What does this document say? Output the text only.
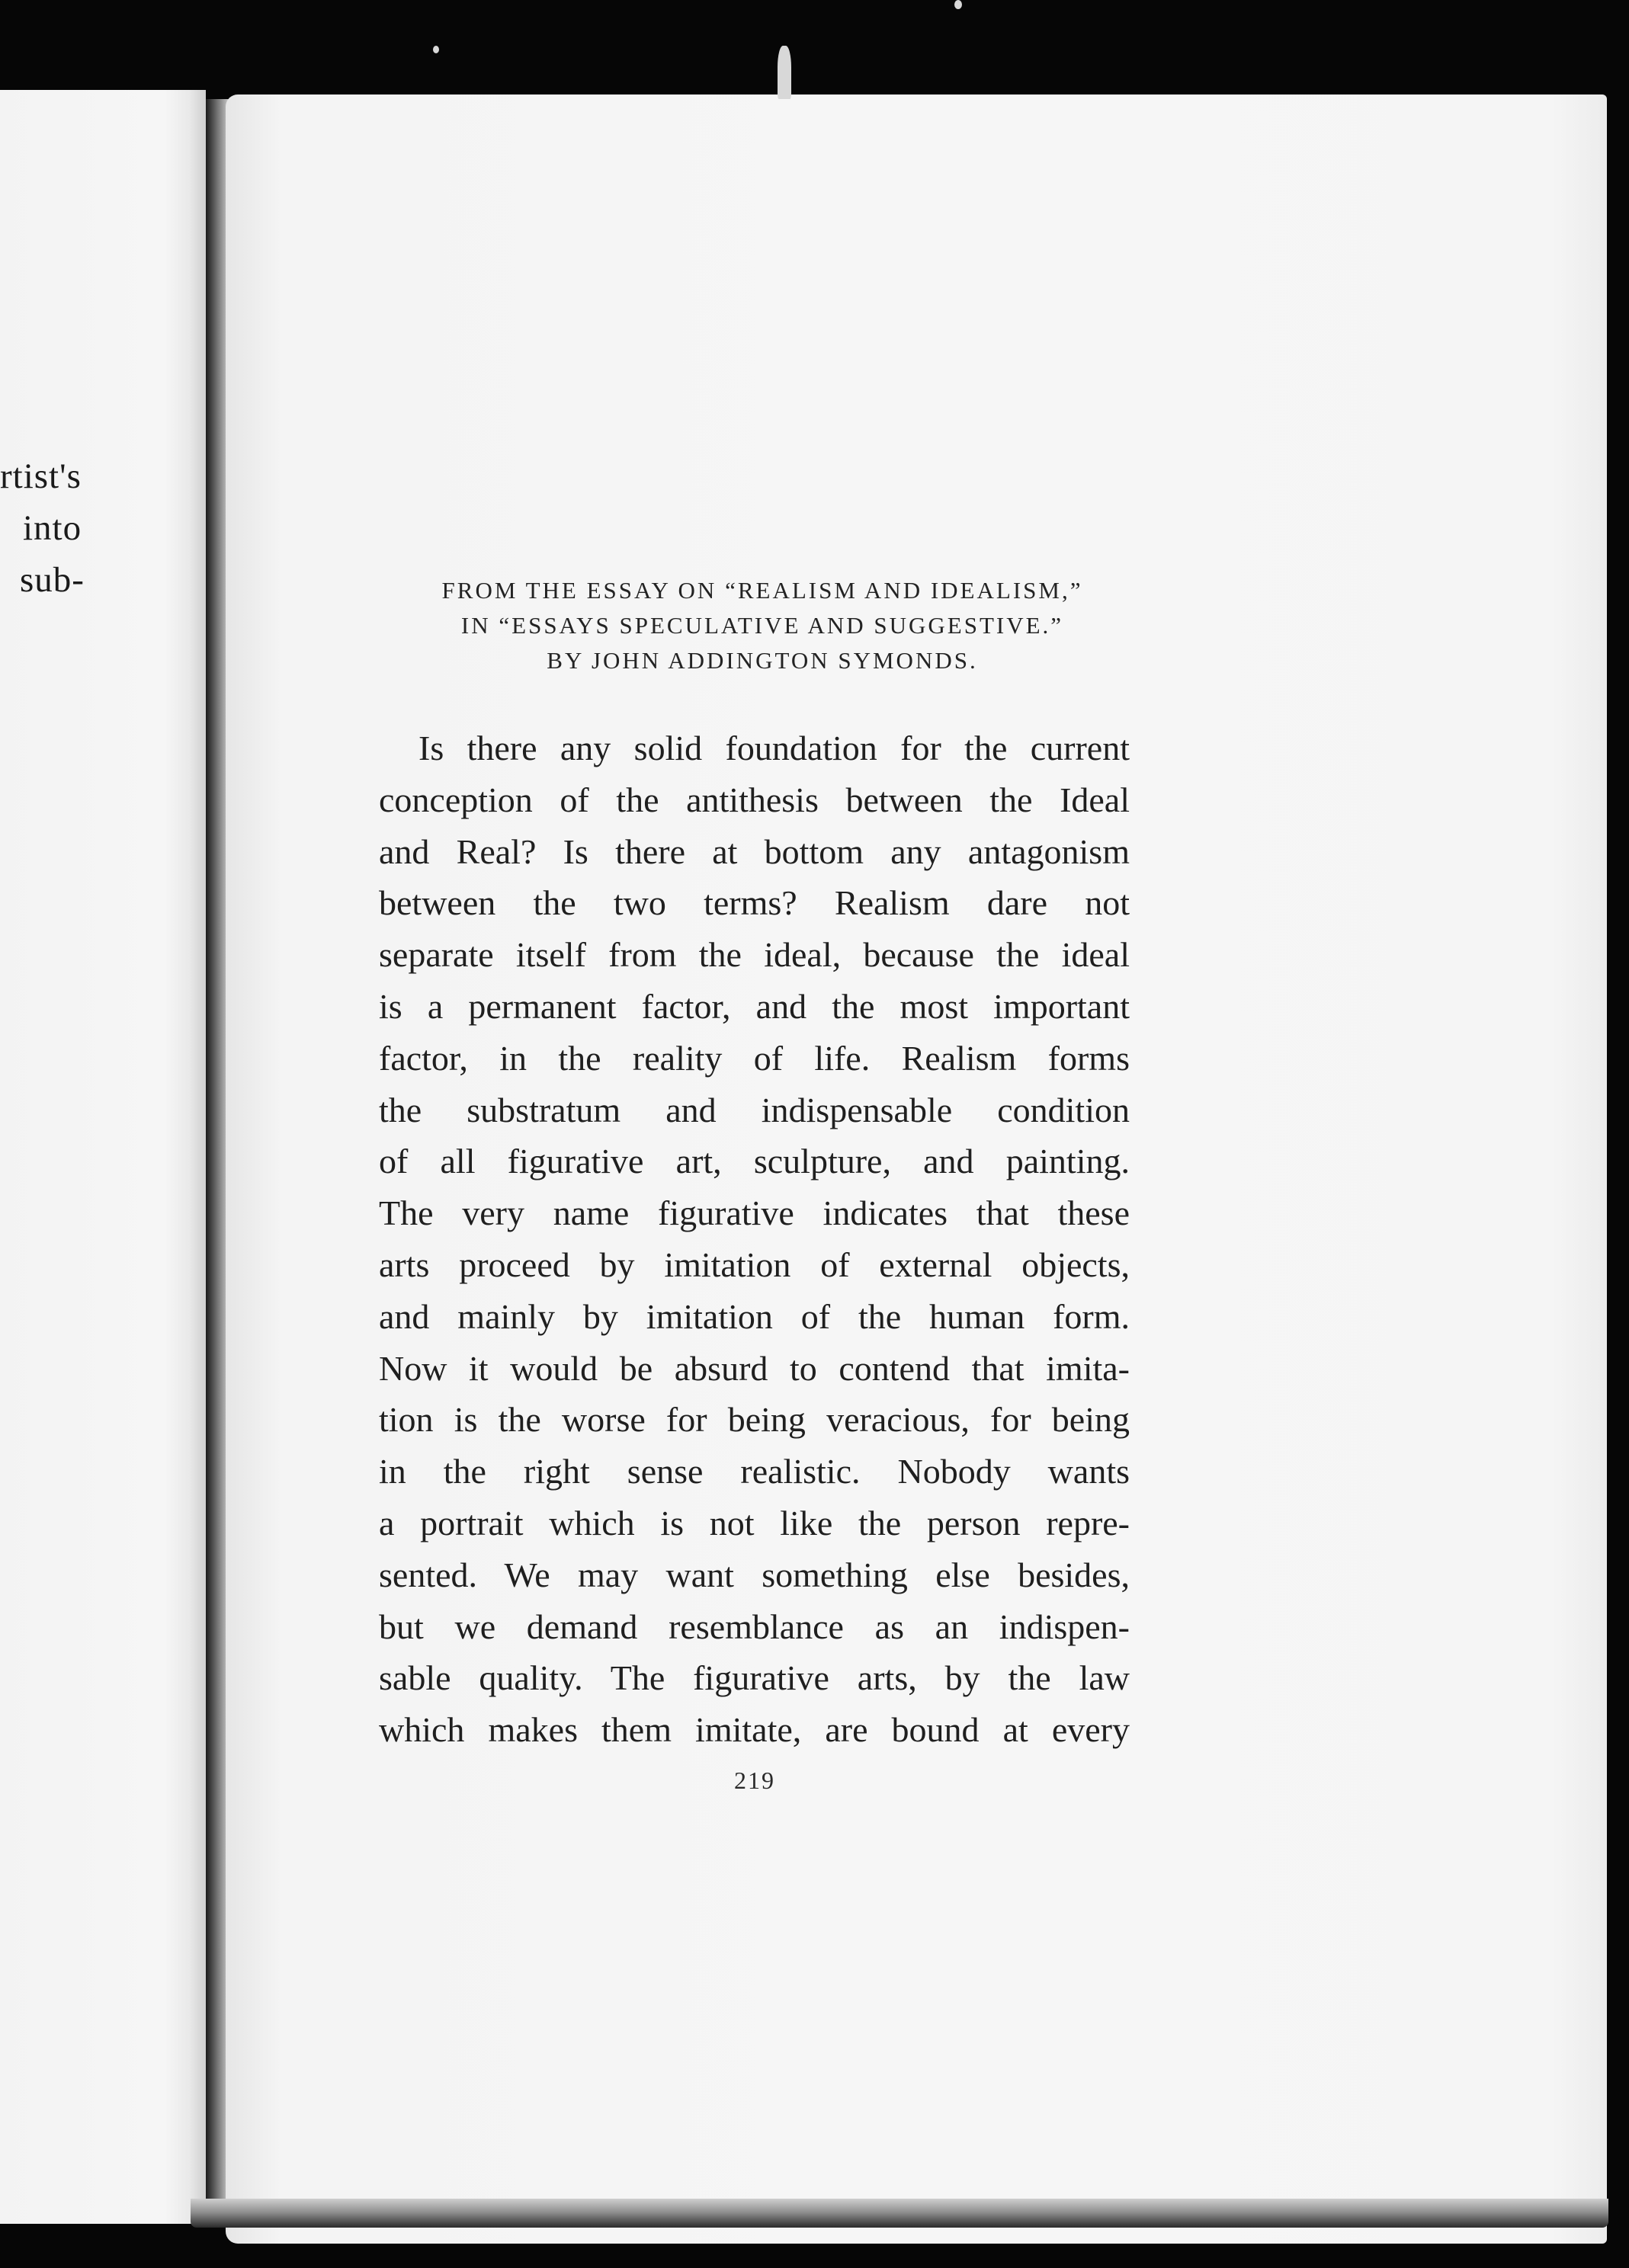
rtist's
into
sub-	FROM THE ESSAY ON “REALISM AND IDEALISM,”
IN “ESSAYS SPECULATIVE AND SUGGESTIVE.”
BY JOHN ADDINGTON SYMONDS.
Is there any solid foundation for the current
conception of the antithesis between the Ideal
and Real? Is there at bottom any antagonism
between the two terms? Realism dare not
separate itself from the ideal, because the ideal
is a permanent factor, and the most important
factor, in the reality of life. Realism forms
the substratum and indispensable condition
of all figurative art, sculpture, and painting.
The very name figurative indicates that these
arts proceed by imitation of external objects,
and mainly by imitation of the human form.
Now it would be absurd to contend that imita-
tion is the worse for being veracious, for being
in the right sense realistic. Nobody wants
a portrait which is not like the person repre-
sented. We may want something else besides,
but we demand resemblance as an indispen-
sable quality. The figurative arts, by the law
which makes them imitate, are bound at every
219
